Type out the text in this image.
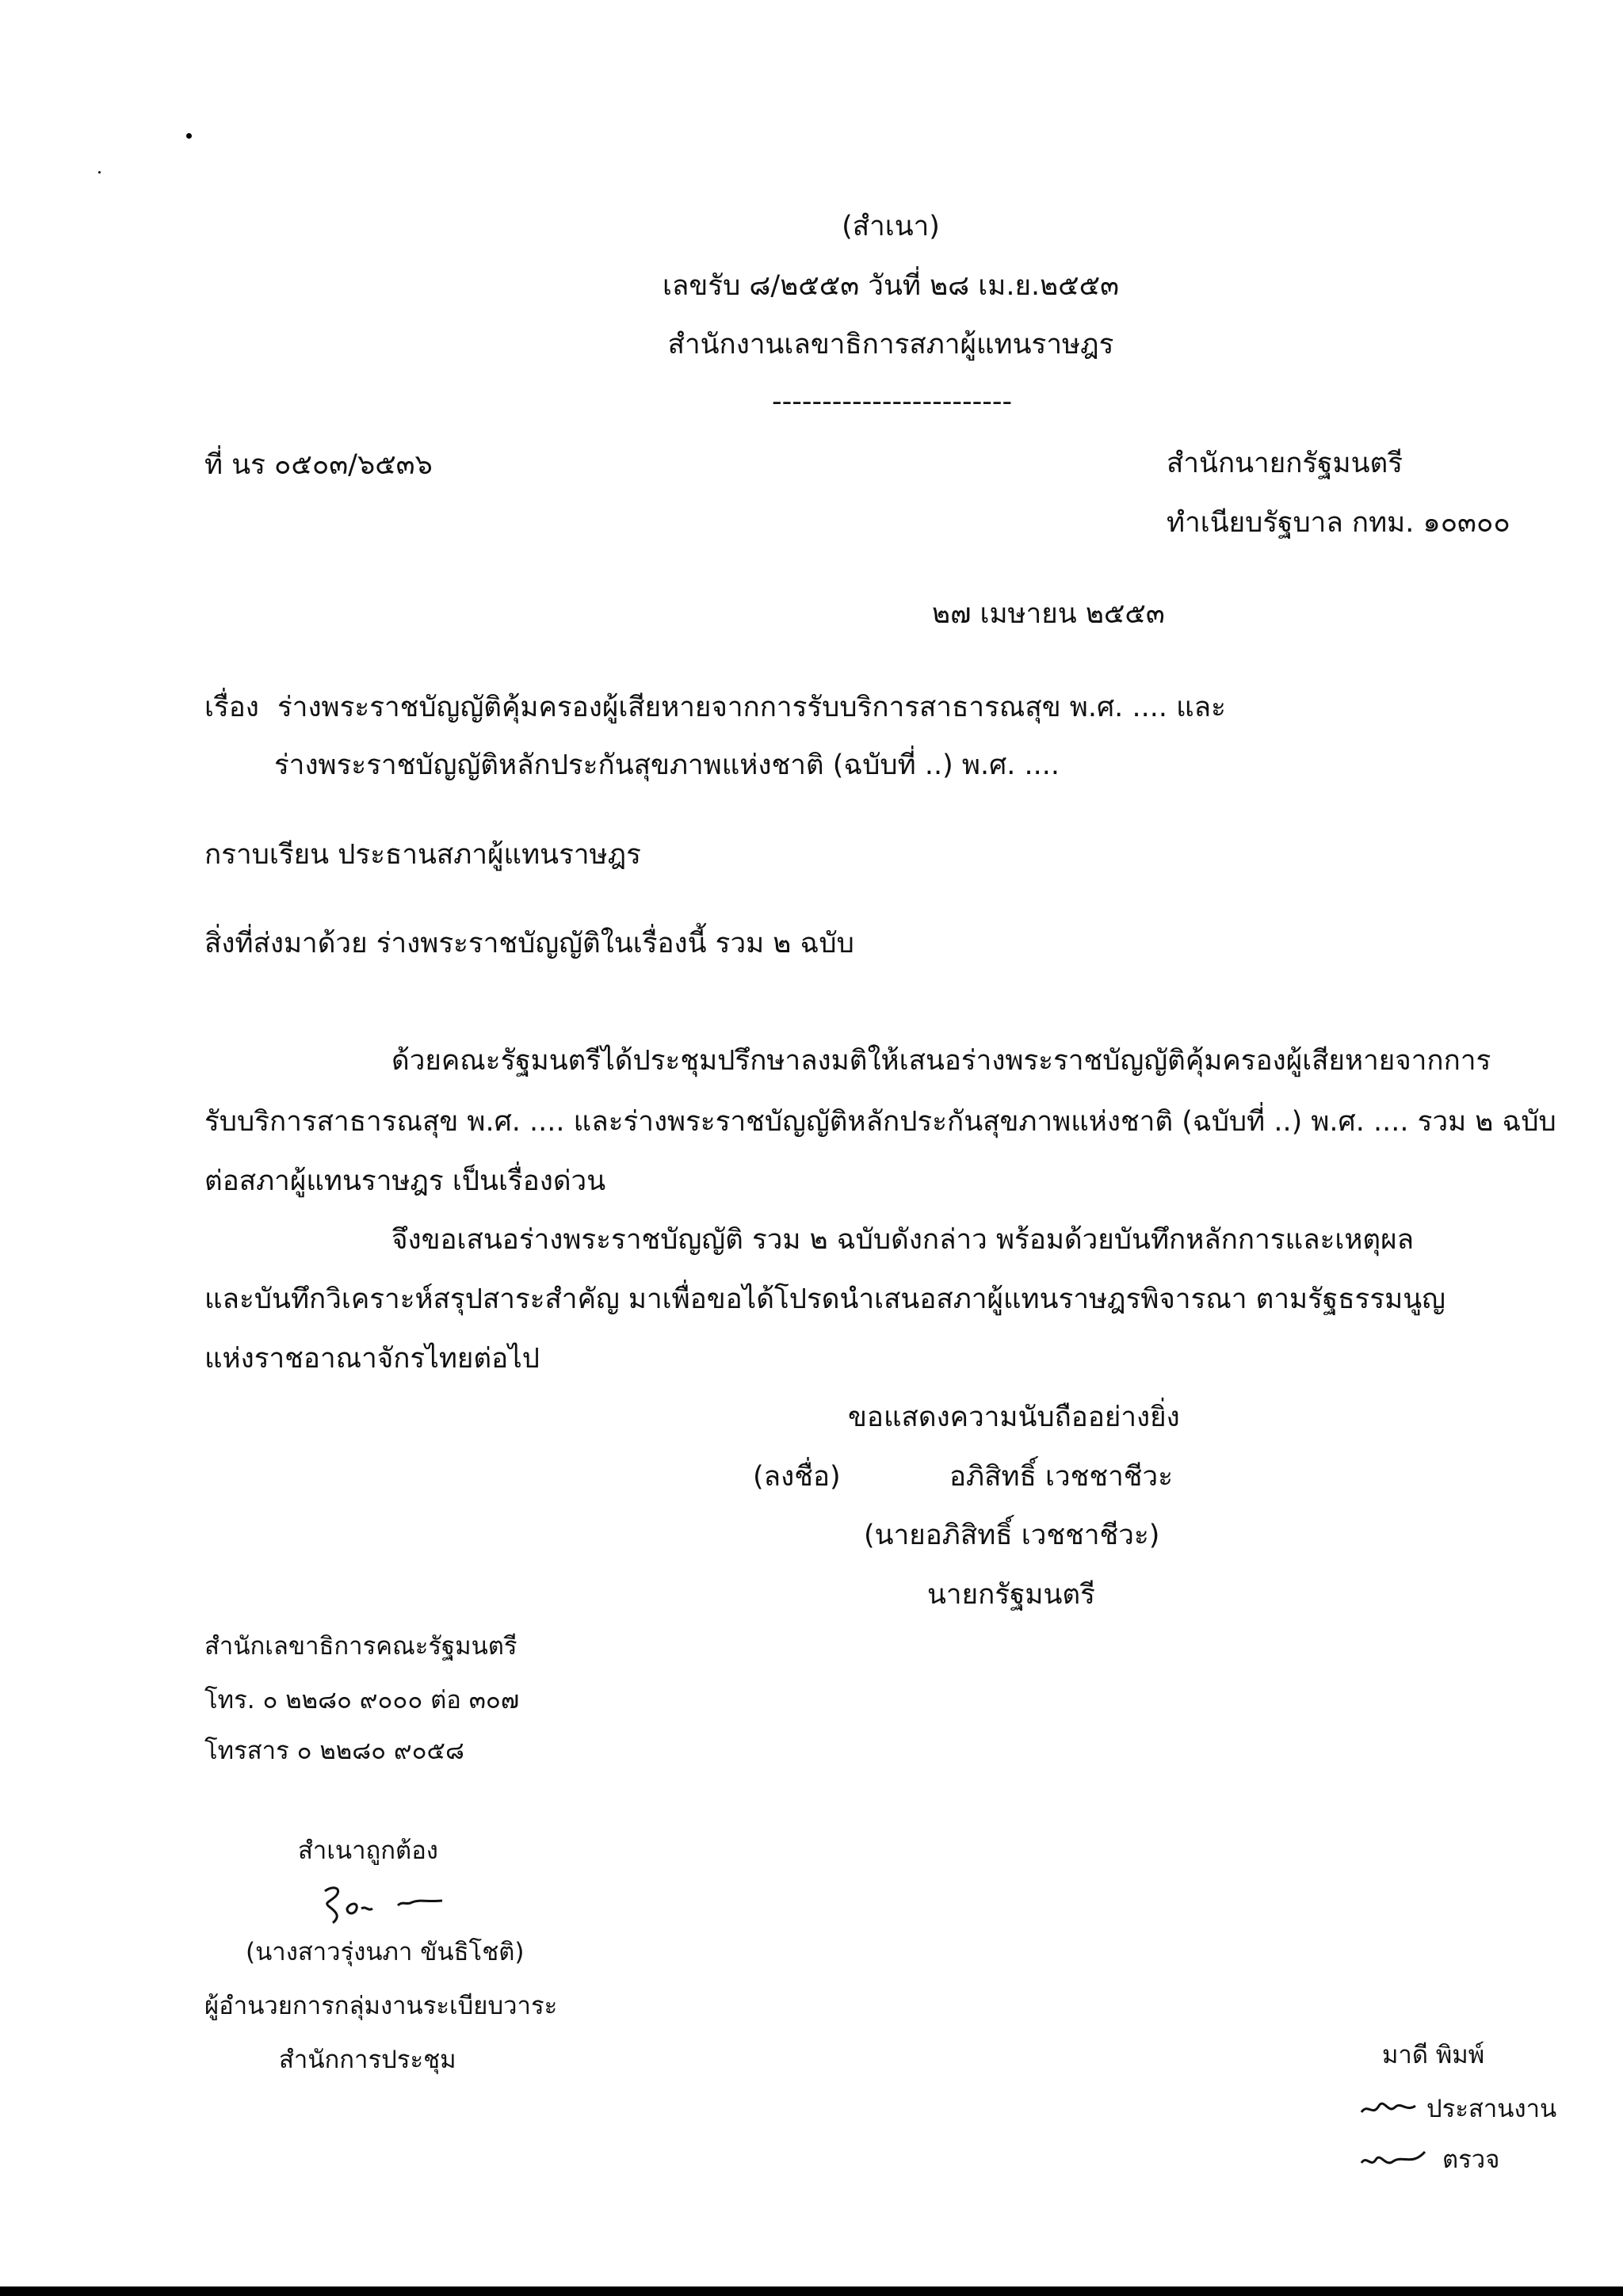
(สำเนา)
เลขรับ ๘/๒๕๕๓ วันที่ ๒๘ เม.ย.๒๕๕๓
สำนักงานเลขาธิการสภาผู้แทนราษฎร
------------------------
ที่ นร ๐๕๐๓/๖๕๓๖	สำนักนายกรัฐมนตรี
ทำเนียบรัฐบาล กทม. ๑๐๓๐๐
๒๗ เมษายน ๒๕๕๓
เรื่อง ร่างพระราชบัญญัติคุ้มครองผู้เสียหายจากการรับบริการสาธารณสุข พ.ศ. .... และ
ร่างพระราชบัญญัติหลักประกันสุขภาพแห่งชาติ (ฉบับที่ ..) พ.ศ. ....
กราบเรียน ประธานสภาผู้แทนราษฎร
สิ่งที่ส่งมาด้วย ร่างพระราชบัญญัติในเรื่องนี้ รวม ๒ ฉบับ
ด้วยคณะรัฐมนตรีได้ประชุมปรึกษาลงมติให้เสนอร่างพระราชบัญญัติคุ้มครองผู้เสียหายจากการ
รับบริการสาธารณสุข พ.ศ. .... และร่างพระราชบัญญัติหลักประกันสุขภาพแห่งชาติ (ฉบับที่ ..) พ.ศ. .... รวม ๒ ฉบับ
ต่อสภาผู้แทนราษฎร เป็นเรื่องด่วน
จึงขอเสนอร่างพระราชบัญญัติ รวม ๒ ฉบับดังกล่าว พร้อมด้วยบันทึกหลักการและเหตุผล
และบันทึกวิเคราะห์สรุปสาระสำคัญ มาเพื่อขอได้โปรดนำเสนอสภาผู้แทนราษฎรพิจารณา ตามรัฐธรรมนูญ
แห่งราชอาณาจักรไทยต่อไป
ขอแสดงความนับถืออย่างยิ่ง
(ลงชื่อ)	อภิสิทธิ์ เวชชาชีวะ
(นายอภิสิทธิ์ เวชชาชีวะ)
นายกรัฐมนตรี
สำนักเลขาธิการคณะรัฐมนตรี
โทร. ๐ ๒๒๘๐ ๙๐๐๐ ต่อ ๓๐๗
โทรสาร ๐ ๒๒๘๐ ๙๐๕๘
สำเนาถูกต้อง
(นางสาวรุ่งนภา ขันธิโชติ)
ผู้อำนวยการกลุ่มงานระเบียบวาระ
สำนักการประชุม	มาดี พิมพ์
ประสานงาน
ตรวจ
